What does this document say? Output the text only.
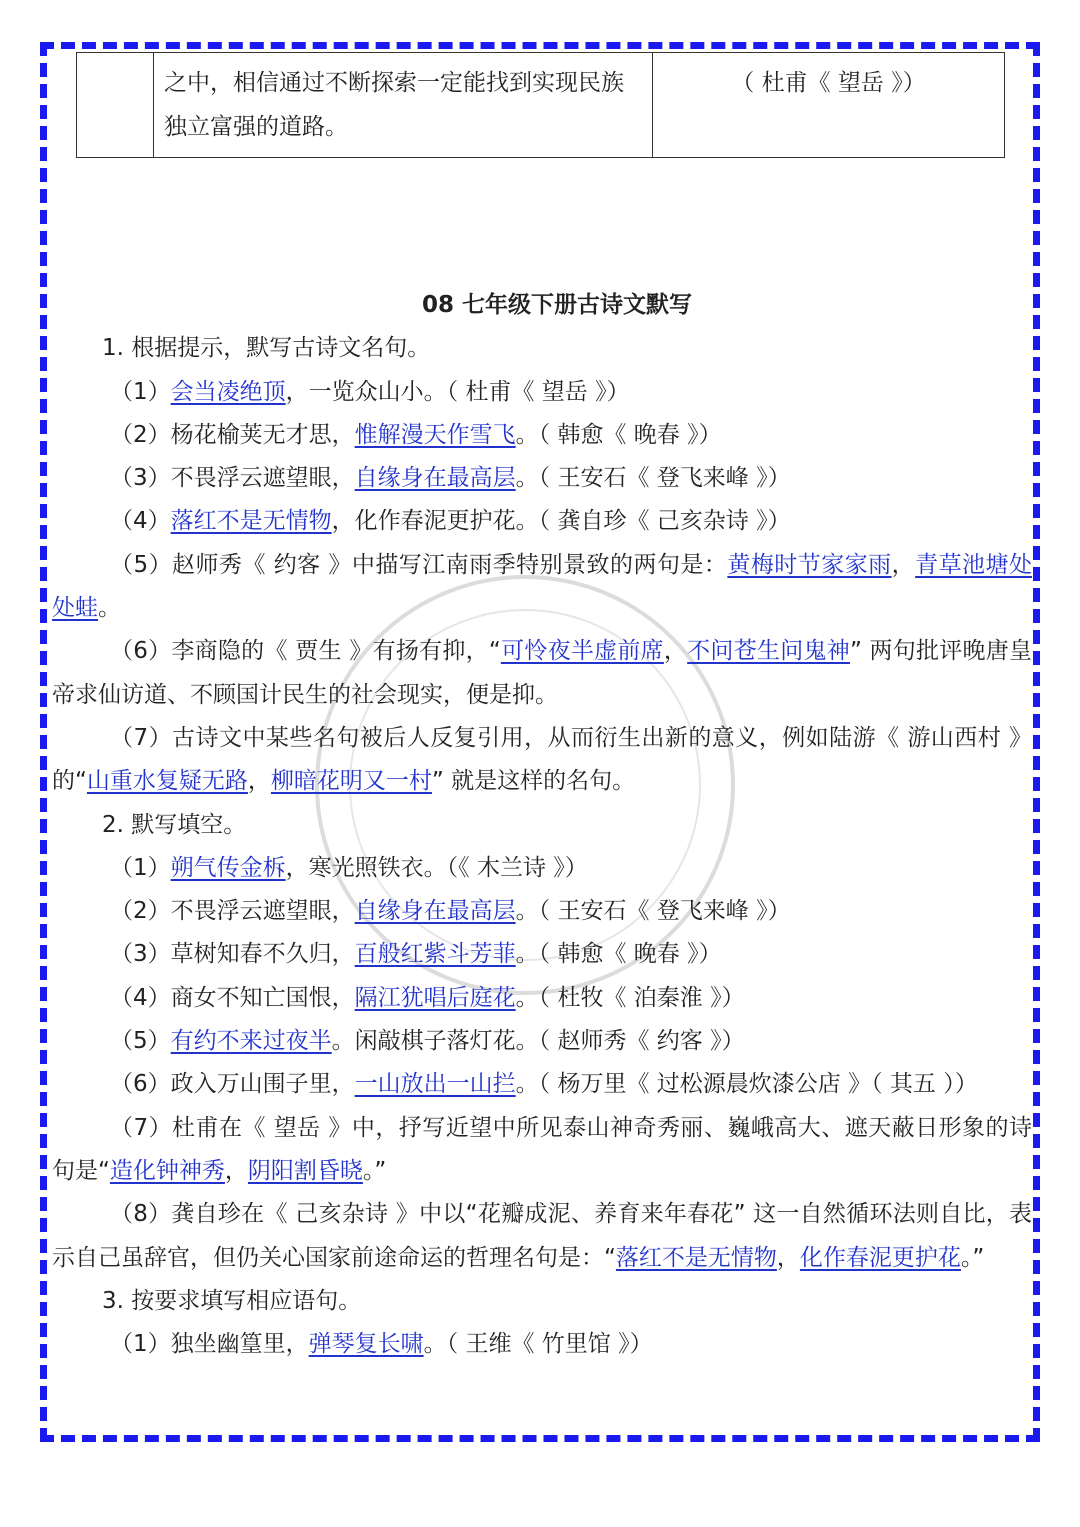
	之中，相信通过不断探索一定能找到实现民族独立富强的道路。	（ 杜甫《 望岳 》）

08 七年级下册古诗文默写

1. 根据提示，默写古诗文名句。

（1）会当凌绝顶，一览众山小。（ 杜甫《 望岳 》）

（2）杨花榆荚无才思，惟解漫天作雪飞。（ 韩愈《 晚春 》）

（3）不畏浮云遮望眼，自缘身在最高层。（ 王安石《 登飞来峰 》）

（4）落红不是无情物，化作春泥更护花。（ 龚自珍《 己亥杂诗 》）

（5）赵师秀《 约客 》中描写江南雨季特别景致的两句是：黄梅时节家家雨，青草池塘处处蛙。

（6）李商隐的《 贾生 》有扬有抑，“可怜夜半虚前席，不问苍生问鬼神” 两句批评晚唐皇帝求仙访道、不顾国计民生的社会现实，便是抑。

（7）古诗文中某些名句被后人反复引用，从而衍生出新的意义，例如陆游《 游山西村 》的“山重水复疑无路，柳暗花明又一村” 就是这样的名句。

2. 默写填空。

（1）朔气传金柝，寒光照铁衣。（《 木兰诗 》）

（2）不畏浮云遮望眼，自缘身在最高层。（ 王安石《 登飞来峰 》）

（3）草树知春不久归，百般红紫斗芳菲。（ 韩愈《 晚春 》）

（4）商女不知亡国恨，隔江犹唱后庭花。（ 杜牧《 泊秦淮 》）

（5）有约不来过夜半。闲敲棋子落灯花。（ 赵师秀《 约客 》）

（6）政入万山围子里，一山放出一山拦。（ 杨万里《 过松源晨炊漆公店 》（ 其五 ））

（7）杜甫在《 望岳 》中，抒写近望中所见泰山神奇秀丽、巍峨高大、遮天蔽日形象的诗句是“造化钟神秀，阴阳割昏晓。”

（8）龚自珍在《 己亥杂诗 》中以“花瓣成泥、养育来年春花” 这一自然循环法则自比，表示自己虽辞官，但仍关心国家前途命运的哲理名句是：“落红不是无情物，化作春泥更护花。”

3. 按要求填写相应语句。

（1）独坐幽篁里，弹琴复长啸。（ 王维《 竹里馆 》）
